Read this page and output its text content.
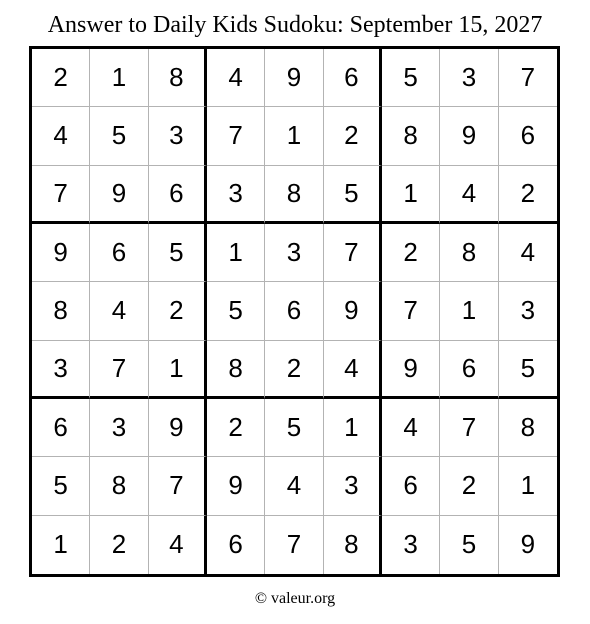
Answer to Daily Kids Sudoku: September 15, 2027
2	1	8	4	9	6	5	3	7
4	5	3	7	1	2	8	9	6
7	9	6	3	8	5	1	4	2
9	6	5	1	3	7	2	8	4
8	4	2	5	6	9	7	1	3
3	7	1	8	2	4	9	6	5
6	3	9	2	5	1	4	7	8
5	8	7	9	4	3	6	2	1
1	2	4	6	7	8	3	5	9
© valeur.org
